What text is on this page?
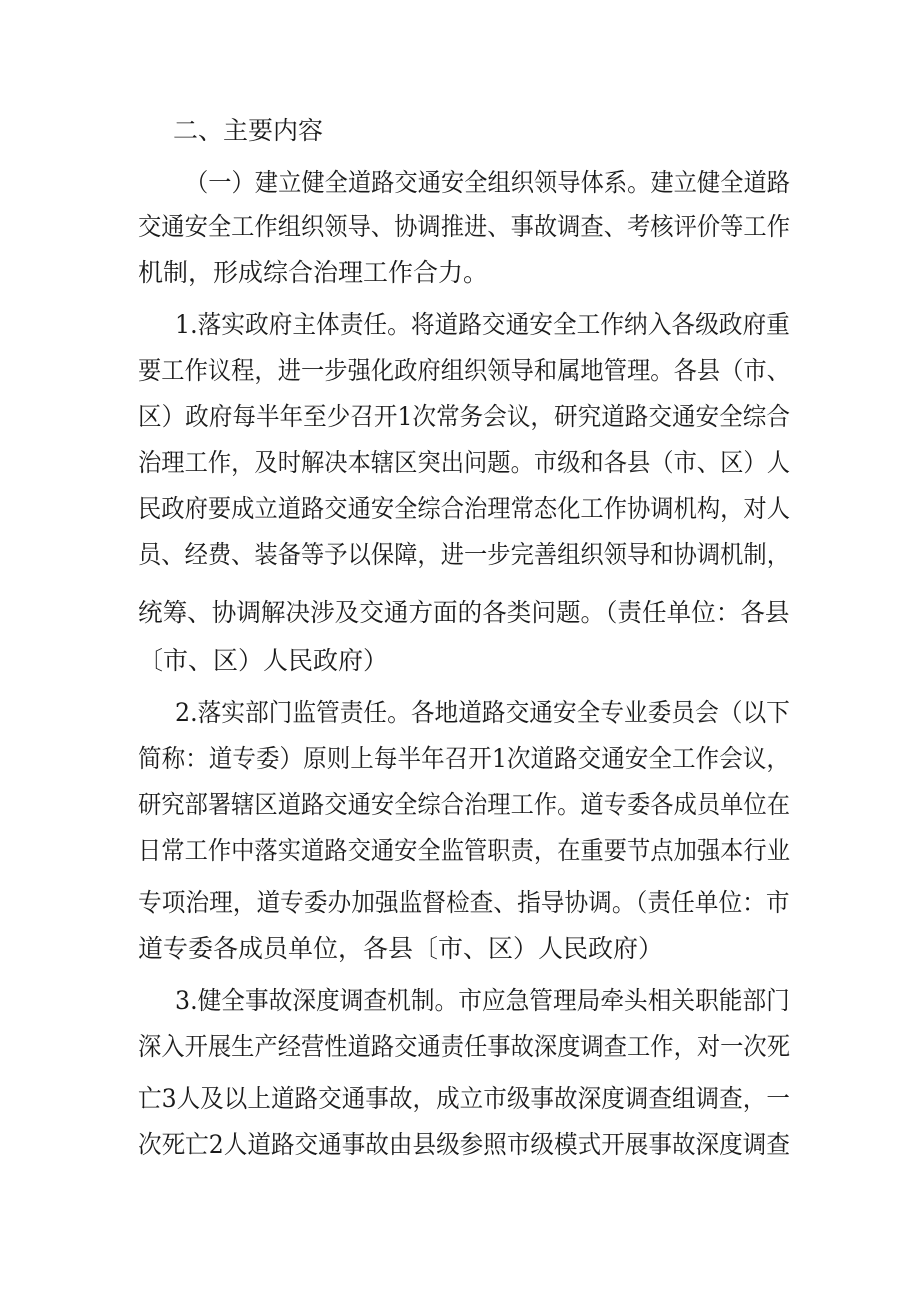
二、主要内容
（一）建立健全道路交通安全组织领导体系。建立健全道路
交通安全工作组织领导、协调推进、事故调查、考核评价等工作
机制，形成综合治理工作合力。
1.落实政府主体责任。将道路交通安全工作纳入各级政府重
要工作议程，进一步强化政府组织领导和属地管理。各县（市、
区）政府每半年至少召开1次常务会议，研究道路交通安全综合
治理工作，及时解决本辖区突出问题。市级和各县（市、区）人
民政府要成立道路交通安全综合治理常态化工作协调机构，对人
员、经费、装备等予以保障，进一步完善组织领导和协调机制，
统筹、协调解决涉及交通方面的各类问题。（责任单位：各县
〔市、区）人民政府）
2.落实部门监管责任。各地道路交通安全专业委员会（以下
简称：道专委）原则上每半年召开1次道路交通安全工作会议，
研究部署辖区道路交通安全综合治理工作。道专委各成员单位在
日常工作中落实道路交通安全监管职责，在重要节点加强本行业
专项治理，道专委办加强监督检查、指导协调。（责任单位：市
道专委各成员单位，各县〔市、区）人民政府）
3.健全事故深度调查机制。市应急管理局牵头相关职能部门
深入开展生产经营性道路交通责任事故深度调查工作，对一次死
亡3人及以上道路交通事故，成立市级事故深度调查组调查，一
次死亡2人道路交通事故由县级参照市级模式开展事故深度调查
